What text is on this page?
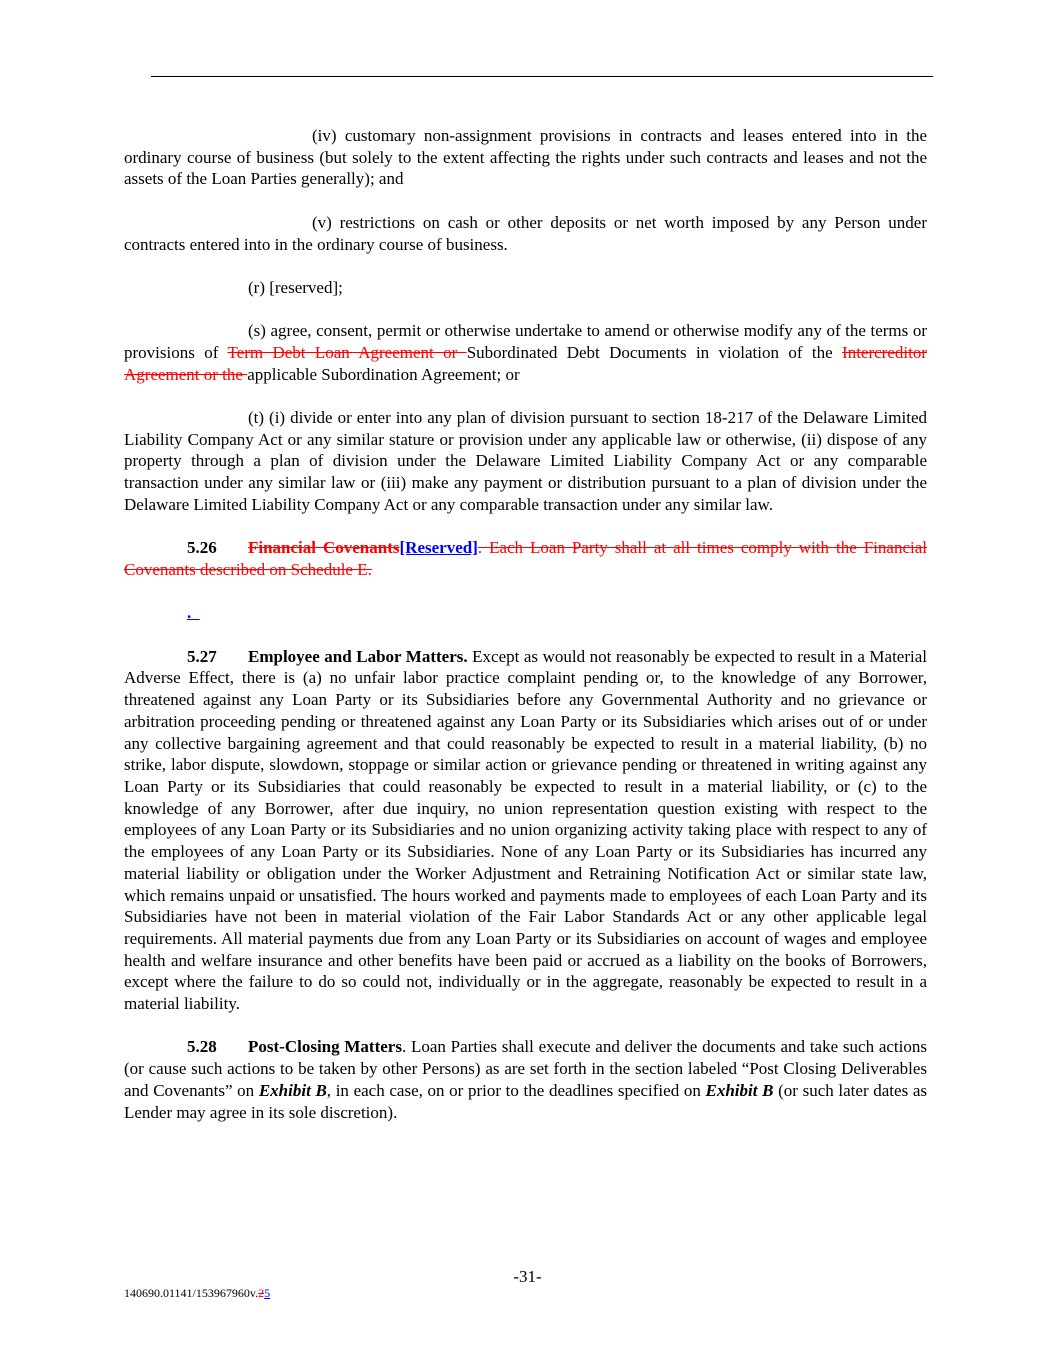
(iv) customary non-assignment provisions in contracts and leases entered into in the ordinary course of business (but solely to the extent affecting the rights under such contracts and leases and not the assets of the Loan Parties generally); and

(v) restrictions on cash or other deposits or net worth imposed by any Person under contracts entered into in the ordinary course of business.

(r) [reserved];

(s) agree, consent, permit or otherwise undertake to amend or otherwise modify any of the terms or provisions of Term Debt Loan Agreement or Subordinated Debt Documents in violation of the Intercreditor Agreement or the applicable Subordination Agreement; or

(t) (i) divide or enter into any plan of division pursuant to section 18-217 of the Delaware Limited Liability Company Act or any similar stature or provision under any applicable law or otherwise, (ii) dispose of any property through a plan of division under the Delaware Limited Liability Company Act or any comparable transaction under any similar law or (iii) make any payment or distribution pursuant to a plan of division under the Delaware Limited Liability Company Act or any comparable transaction under any similar law.

5.26 Financial Covenants[Reserved]. Each Loan Party shall at all times comply with the Financial Covenants described on Schedule E.

.

5.27 Employee and Labor Matters. Except as would not reasonably be expected to result in a Material Adverse Effect, there is (a) no unfair labor practice complaint pending or, to the knowledge of any Borrower, threatened against any Loan Party or its Subsidiaries before any Governmental Authority and no grievance or arbitration proceeding pending or threatened against any Loan Party or its Subsidiaries which arises out of or under any collective bargaining agreement and that could reasonably be expected to result in a material liability, (b) no strike, labor dispute, slowdown, stoppage or similar action or grievance pending or threatened in writing against any Loan Party or its Subsidiaries that could reasonably be expected to result in a material liability, or (c) to the knowledge of any Borrower, after due inquiry, no union representation question existing with respect to the employees of any Loan Party or its Subsidiaries and no union organizing activity taking place with respect to any of the employees of any Loan Party or its Subsidiaries. None of any Loan Party or its Subsidiaries has incurred any material liability or obligation under the Worker Adjustment and Retraining Notification Act or similar state law, which remains unpaid or unsatisfied. The hours worked and payments made to employees of each Loan Party and its Subsidiaries have not been in material violation of the Fair Labor Standards Act or any other applicable legal requirements. All material payments due from any Loan Party or its Subsidiaries on account of wages and employee health and welfare insurance and other benefits have been paid or accrued as a liability on the books of Borrowers, except where the failure to do so could not, individually or in the aggregate, reasonably be expected to result in a material liability.

5.28 Post-Closing Matters. Loan Parties shall execute and deliver the documents and take such actions (or cause such actions to be taken by other Persons) as are set forth in the section labeled “Post Closing Deliverables and Covenants” on Exhibit B, in each case, on or prior to the deadlines specified on Exhibit B (or such later dates as Lender may agree in its sole discretion).

-31-
140690.01141/153967960v.25
